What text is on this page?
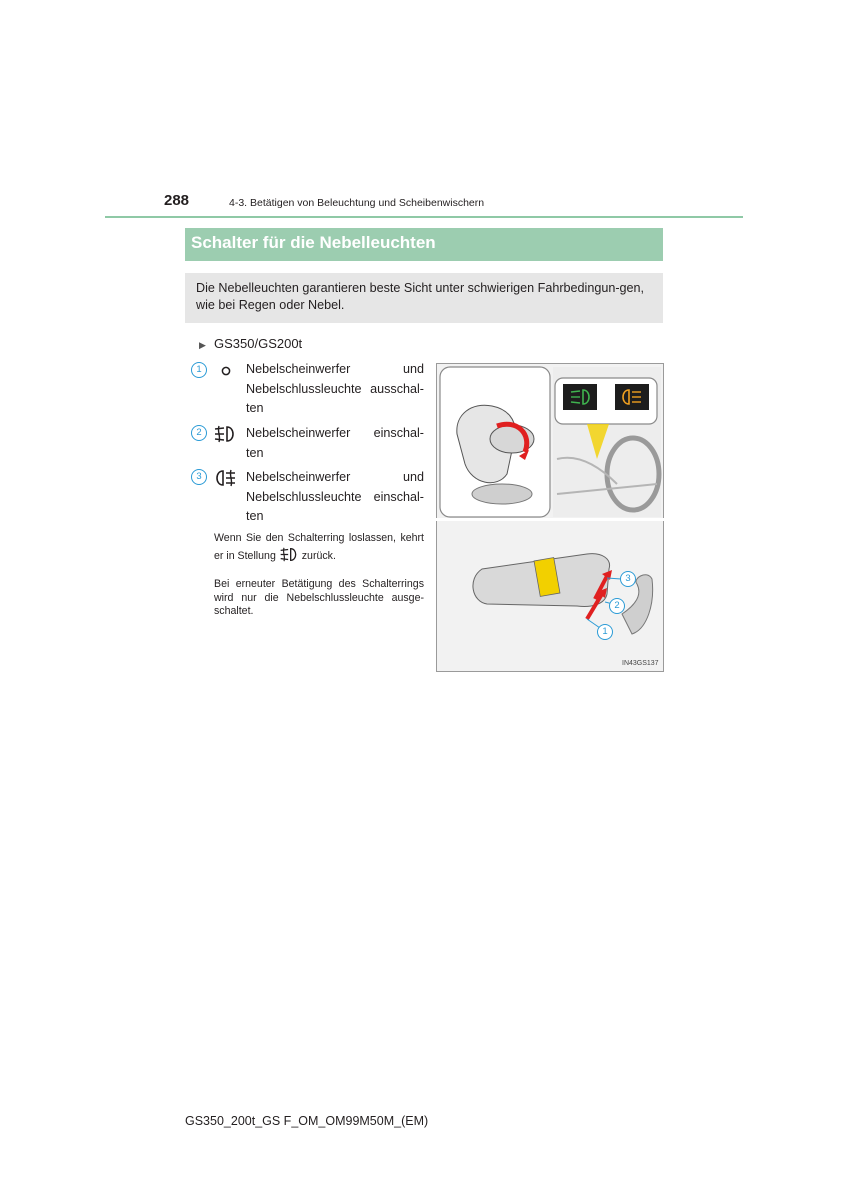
288	4-3. Betätigen von Beleuchtung und Scheibenwischern
Schalter für die Nebelleuchten
Die Nebelleuchten garantieren beste Sicht unter schwierigen Fahrbedingun-gen, wie bei Regen oder Nebel.
▶ GS350/GS200t
1	Nebelscheinwerfer und
Nebelschlussleuchte ausschal-
ten
2	Nebelscheinwerfer einschal-
ten
3	Nebelscheinwerfer und
Nebelschlussleuchte einschal-
ten
Wenn Sie den Schalterring loslassen, kehrt er in Stellung zurück.
Bei erneuter Betätigung des Schalterrings wird nur die Nebelschlussleuchte ausge-schaltet.
1
2
3
IN43GS137
GS350_200t_GS F_OM_OM99M50M_(EM)
